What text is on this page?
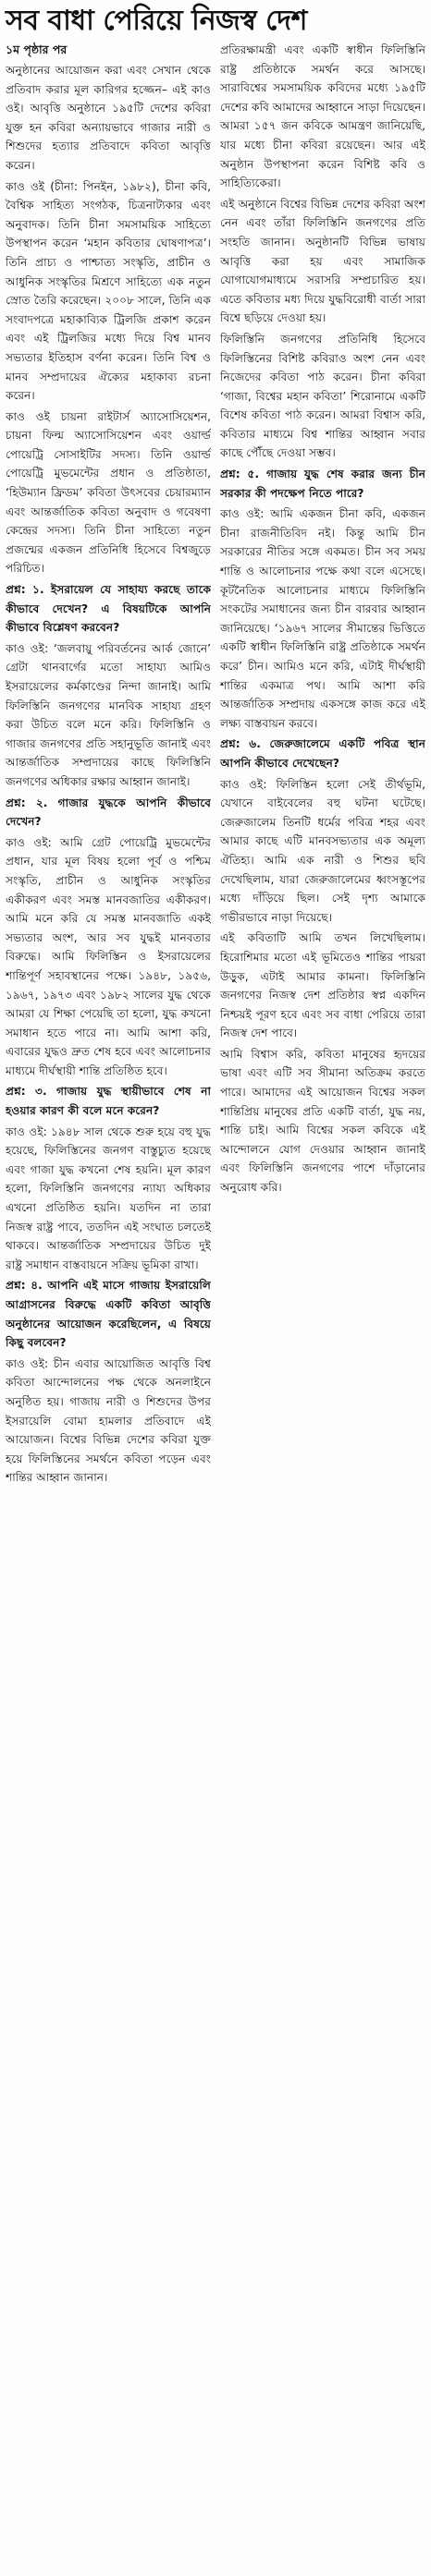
সব বাধা পেরিয়ে নিজস্ব দেশ
১ম পৃষ্ঠার পর

অনুষ্ঠানের আয়োজন করা এবং সেখান থেকে প্রতিবাদ করার মূল কারিগর হজ্জেন– এই কাও ওই। আবৃত্তি অনুষ্ঠানে ১৯৫টি দেশের কবিরা যুক্ত হন কবিরা অন্যায়ভাবে গাজার নারী ও শিশুদের হত্যার প্রতিবাদে কবিতা আবৃত্তি করেন।

কাও ওই (চীনা: পিনইন, ১৯৮২), চীনা কবি, বৈশ্বিক সাহিত্য সংগঠক, চিত্রনাট্যকার এবং অনুবাদক। তিনি চীনা সমসাময়িক সাহিত্যে উপস্থাপন করেন ‘মহান কবিতার ঘোষণাপত্র’। তিনি প্রাচ্য ও পাশ্চাত্য সংস্কৃতি, প্রাচীন ও আধুনিক সংস্কৃতির মিশ্রণে সাহিত্যে এক নতুন স্রোত তৈরি করেছেন। ২০০৮ সালে, তিনি এক সংবাদপত্রে মহাকাব্যিক ট্রিলজি প্রকাশ করেন এবং এই ট্রিলজির মধ্যে দিয়ে বিশ্ব মানব সভ্যতার ইতিহাস বর্ণনা করেন। তিনি বিশ্ব ও মানব সম্প্রদায়ের ঐক্যের মহাকাব্য রচনা করেন।

কাও ওই চায়না রাইটার্স অ্যাসোসিয়েশন, চায়না ফিল্ম অ্যাসোসিয়েশন এবং ওয়ার্ল্ড পোয়েট্রি সোসাইটির সদস্য। তিনি ওয়ার্ল্ড পোয়েট্রি মুভমেন্টের প্রধান ও প্রতিষ্ঠাতা, ‘হিউম্যান ফ্রিডম’ কবিতা উৎসবের চেয়ারম্যান এবং আন্তর্জাতিক কবিতা অনুবাদ ও গবেষণা কেন্দ্রের সদস্য। তিনি চীনা সাহিত্যে নতুন প্রজন্মের একজন প্রতিনিধি হিসেবে বিশ্বজুড়ে পরিচিত।

প্রশ্ন: ১. ইসরায়েল যে সাহায্য করছে তাকে কীভাবে দেখেন? এ বিষয়টিকে আপনি কীভাবে বিশ্লেষণ করবেন?

কাও ওই: ‘জলবায়ু পরিবর্তনের আর্ক জোনে’ গ্রেটা থানবার্গের মতো সাহায্য আমিও ইসরায়েলের কর্মকাণ্ডের নিন্দা জানাই। আমি ফিলিস্তিনি জনগণের মানবিক সাহায্য গ্রহণ করা উচিত বলে মনে করি। ফিলিস্তিনি ও গাজার জনগণের প্রতি সহানুভূতি জানাই এবং আন্তর্জাতিক সম্প্রদায়ের কাছে ফিলিস্তিনি জনগণের অধিকার রক্ষার আহ্বান জানাই।

প্রশ্ন: ২. গাজার যুদ্ধকে আপনি কীভাবে দেখেন?

কাও ওই: আমি গ্রেট পোয়েট্রি মুভমেন্টের প্রধান, যার মূল বিষয় হলো পূর্ব ও পশ্চিম সংস্কৃতি, প্রাচীন ও আধুনিক সংস্কৃতির একীকরণ এবং সমস্ত মানবজাতির একীকরণ। আমি মনে করি যে সমস্ত মানবজাতি একই সভ্যতার অংশ, আর সব যুদ্ধই মানবতার বিরুদ্ধে। আমি ফিলিস্তিন ও ইসরায়েলের শান্তিপূর্ণ সহাবস্থানের পক্ষে। ১৯৪৮, ১৯৫৬, ১৯৬৭, ১৯৭৩ এবং ১৯৮২ সালের যুদ্ধ থেকে আমরা যে শিক্ষা পেয়েছি তা হলো, যুদ্ধ কখনো সমাধান হতে পারে না। আমি আশা করি, এবারের যুদ্ধও দ্রুত শেষ হবে এবং আলোচনার মাধ্যমে দীর্ঘস্থায়ী শান্তি প্রতিষ্ঠিত হবে।

প্রশ্ন: ৩. গাজায় যুদ্ধ স্থায়ীভাবে শেষ না হওয়ার কারণ কী বলে মনে করেন?

কাও ওই: ১৯৪৮ সাল থেকে শুরু হয়ে বহু যুদ্ধ হয়েছে, ফিলিস্তিনের জনগণ বাস্তুচ্যুত হয়েছে এবং গাজা যুদ্ধ কখনো শেষ হয়নি। মূল কারণ হলো, ফিলিস্তিনি জনগণের ন্যায্য অধিকার এখনো প্রতিষ্ঠিত হয়নি। যতদিন না তারা নিজস্ব রাষ্ট্র পাবে, ততদিন এই সংঘাত চলতেই থাকবে। আন্তর্জাতিক সম্প্রদায়ের উচিত দুই রাষ্ট্র সমাধান বাস্তবায়নে সক্রিয় ভূমিকা রাখা।

প্রশ্ন: ৪. আপনি এই মাসে গাজায় ইসরায়েলি আগ্রাসনের বিরুদ্ধে একটি কবিতা আবৃত্তি অনুষ্ঠানের আয়োজন করেছিলেন, এ বিষয়ে কিছু বলবেন?

কাও ওই: চীন এবার আয়োজিত আবৃত্তি বিশ্ব কবিতা আন্দোলনের পক্ষ থেকে অনলাইনে অনুষ্ঠিত হয়। গাজায় নারী ও শিশুদের উপর ইসরায়েলি বোমা হামলার প্রতিবাদে এই আয়োজন। বিশ্বের বিভিন্ন দেশের কবিরা যুক্ত হয়ে ফিলিস্তিনের সমর্থনে কবিতা পড়েন এবং শান্তির আহ্বান জানান।

প্রতিরক্ষামন্ত্রী এবং একটি স্বাধীন ফিলিস্তিনি রাষ্ট্র প্রতিষ্ঠাকে সমর্থন করে আসছে। সারাবিশ্বের সমসাময়িক কবিদের মধ্যে ১৯৫টি দেশের কবি আমাদের আহ্বানে সাড়া দিয়েছেন। আমরা ১৫৭ জন কবিকে আমন্ত্রণ জানিয়েছি, যার মধ্যে চীনা কবিরা রয়েছেন। আর এই অনুষ্ঠান উপস্থাপনা করেন বিশিষ্ট কবি ও সাহিত্যিকেরা।

এই অনুষ্ঠানে বিশ্বের বিভিন্ন দেশের কবিরা অংশ নেন এবং তাঁরা ফিলিস্তিনি জনগণের প্রতি সংহতি জানান। অনুষ্ঠানটি বিভিন্ন ভাষায় আবৃত্তি করা হয় এবং সামাজিক যোগাযোগমাধ্যমে সরাসরি সম্প্রচারিত হয়। এতে কবিতার মধ্য দিয়ে যুদ্ধবিরোধী বার্তা সারা বিশ্বে ছড়িয়ে দেওয়া হয়।

ফিলিস্তিনি জনগণের প্রতিনিধি হিসেবে ফিলিস্তিনের বিশিষ্ট কবিরাও অংশ নেন এবং নিজেদের কবিতা পাঠ করেন। চীনা কবিরা ‘গাজা, বিশ্বের মহান কবিতা’ শিরোনামে একটি বিশেষ কবিতা পাঠ করেন। আমরা বিশ্বাস করি, কবিতার মাধ্যমে বিশ্ব শান্তির আহ্বান সবার কাছে পৌঁছে দেওয়া সম্ভব।

প্রশ্ন: ৫. গাজায় যুদ্ধ শেষ করার জন্য চীন সরকার কী পদক্ষেপ নিতে পারে?

কাও ওই: আমি একজন চীনা কবি, একজন চীনা রাজনীতিবিদ নই। কিন্তু আমি চীন সরকারের নীতির সঙ্গে একমত। চীন সব সময় শান্তি ও আলোচনার পক্ষে কথা বলে এসেছে। কূটনৈতিক আলোচনার মাধ্যমে ফিলিস্তিনি সংকটের সমাধানের জন্য চীন বারবার আহ্বান জানিয়েছে। ‘১৯৬৭ সালের সীমান্তের ভিত্তিতে একটি স্বাধীন ফিলিস্তিনি রাষ্ট্র প্রতিষ্ঠাকে সমর্থন করে’ চীন। আমিও মনে করি, এটাই দীর্ঘস্থায়ী শান্তির একমাত্র পথ। আমি আশা করি আন্তর্জাতিক সম্প্রদায় একসঙ্গে কাজ করে এই লক্ষ্য বাস্তবায়ন করবে।

প্রশ্ন: ৬. জেরুজালেমে একটি পবিত্র স্থান আপনি কীভাবে দেখেছেন?

কাও ওই: ফিলিস্তিন হলো সেই তীর্থভূমি, যেখানে বাইবেলের বহু ঘটনা ঘটেছে। জেরুজালেম তিনটি ধর্মের পবিত্র শহর এবং আমার কাছে এটি মানবসভ্যতার এক অমূল্য ঐতিহ্য। আমি এক নারী ও শিশুর ছবি দেখেছিলাম, যারা জেরুজালেমের ধ্বংসস্তূপের মধ্যে দাঁড়িয়ে ছিল। সেই দৃশ্য আমাকে গভীরভাবে নাড়া দিয়েছে।

এই কবিতাটি আমি তখন লিখেছিলাম। হিরোশিমার মতো এই ভূমিতেও শান্তির পায়রা উড়ুক, এটাই আমার কামনা। ফিলিস্তিনি জনগণের নিজস্ব দেশ প্রতিষ্ঠার স্বপ্ন একদিন নিশ্চয়ই পূরণ হবে এবং সব বাধা পেরিয়ে তারা নিজস্ব দেশ পাবে।

আমি বিশ্বাস করি, কবিতা মানুষের হৃদয়ের ভাষা এবং এটি সব সীমানা অতিক্রম করতে পারে। আমাদের এই আয়োজন বিশ্বের সকল শান্তিপ্রিয় মানুষের প্রতি একটি বার্তা, যুদ্ধ নয়, শান্তি চাই। আমি বিশ্বের সকল কবিকে এই আন্দোলনে যোগ দেওয়ার আহ্বান জানাই এবং ফিলিস্তিনি জনগণের পাশে দাঁড়ানোর অনুরোধ করি।
